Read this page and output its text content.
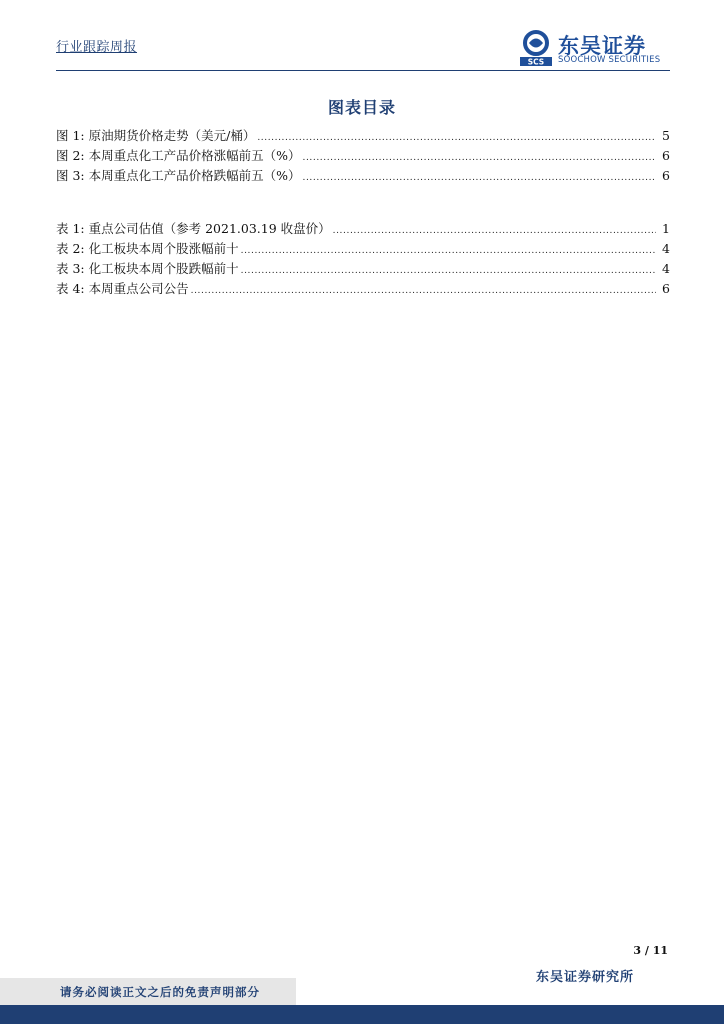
行业跟踪周报
SCS
东吴证券
SOOCHOW SECURITIES
图表目录
图 1: 原油期货价格走势（美元/桶） .....	5
图 2: 本周重点化工产品价格涨幅前五（%） .....	6
图 3: 本周重点化工产品价格跌幅前五（%） .....	6
表 1: 重点公司估值（参考 2021.03.19 收盘价） .....	1
表 2: 化工板块本周个股涨幅前十 .....	4
表 3: 化工板块本周个股跌幅前十 .....	4
表 4: 本周重点公司公告 .....	6
3 / 11
东吴证券研究所
请务必阅读正文之后的免责声明部分
